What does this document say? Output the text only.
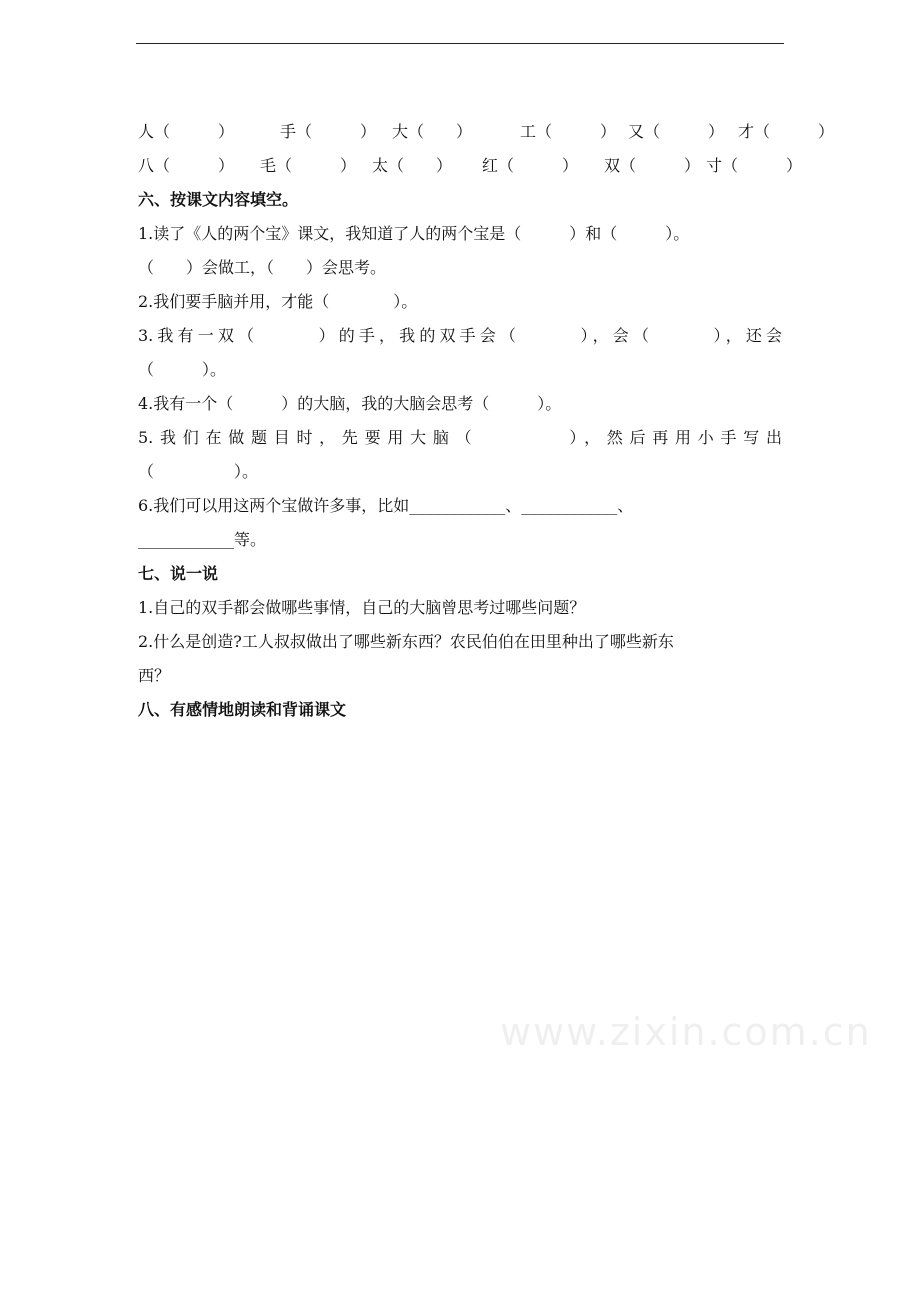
人（　　　）	手（　　　） 大（　　）	工（　　　） 又（　　　） 才（　　　）
八（　　　） 毛（　　　） 太（　　） 红（　　　） 双（　　　） 寸（　　　）
六、按课文内容填空。
1.读了《人的两个宝》课文，我知道了人的两个宝是（　　　）和（　　　）。
（　　）会做工，（　　）会思考。
2.我们要手脑并用，才能（　　　　）。
3.我有一双（　　　）的手，我的双手会（　　　），会（　　　），还会
（　　　）。
4.我有一个（　　　）的大脑，我的大脑会思考（　　　）。
5.我们在做题目时，先要用大脑（　　　　），然后再用小手写出
（　　　　　）。
6.我们可以用这两个宝做许多事，比如____________、____________、
____________等。
七、说一说
1.自己的双手都会做哪些事情，自己的大脑曾思考过哪些问题？
2.什么是创造?工人叔叔做出了哪些新东西？农民伯伯在田里种出了哪些新东
西？
八、有感情地朗读和背诵课文
www.zixin.com.cn
